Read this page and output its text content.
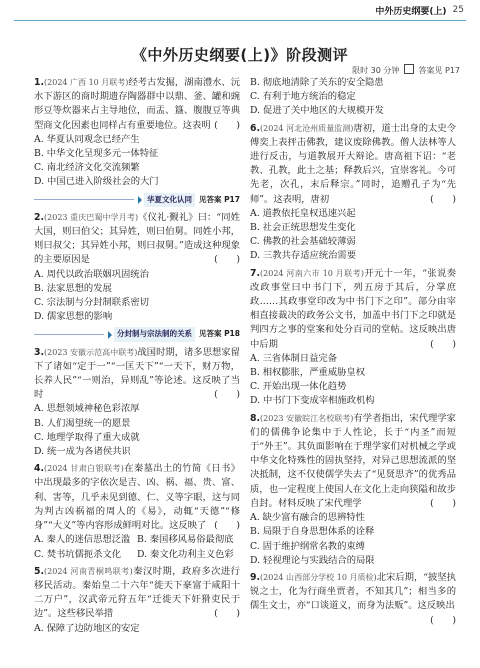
中外历史纲要(上) 25
《中外历史纲要(上)》阶段测评
限时 30 分钟 答案见 P17
1.(2024 广西 10 月联考)经考古发掘，湖南澧水、沅水下游区的商时期遗存陶器群中以鼎、釜、罐和豌形豆等炊器来占主导地位，而盂、簋、腹腹豆等典型商文化因素也同样占有重要地位。这表明 (　　)
A. 华夏认同观念已经产生
B. 中华文化呈现多元一体特征
C. 南北经济文化交流频繁
D. 中国已进入阶级社会的大门
华夏文化认同 见答案 P17
2.(2023 重庆巴蜀中学月考)《仪礼·觐礼》曰：“同姓大国，则曰伯父；其异姓，则曰伯舅。同姓小邦，则曰叔父；其异姓小邦，则曰叔舅。”造成这种现象的主要原因是	(　　)
A. 周代以政治联姻巩固统治
B. 法家思想的发展
C. 宗法制与分封制联系密切
D. 儒家思想的影响
分封制与宗法制的关系 见答案 P18
3.(2023 安徽示范高中联考)战国时期，诸多思想家留下了诸如“定于一”“一匡天下”“一天下，财万物，长养人民”“一则治，异则乱”等论述。这反映了当时	(　　)
A. 思想领域神秘色彩浓厚
B. 人们渴望统一的愿景
C. 地理学取得了重大成就
D. 统一成为各诸侯共识
4.(2024 甘肃白银联考)在秦墓出土的竹简《日书》中出现最多的字依次是吉、凶、祸、福、贵、富、利、害等，几乎未见到德、仁、义等字眼，这与同为判古凶祸福的周人的《易》，动辄“天德”“修身”“大义”等内容形成鲜明对比。这反映了 (　　)
A. 秦人的迷信思想泛滥 B. 秦国移风易俗最彻底
C. 焚书坑儒扼杀文化	D. 秦文化功利主义色彩
5.(2024 河南青桐鸣联考)秦汉时期，政府多次进行移民活动。秦始皇二十六年“徙天下豪富于咸阳十二万户”，汉武帝元狩五年“迁徙天下奸猾吏民于边”。这些移民举措	(　　)
A. 保障了边防地区的安定
B. 彻底地清除了关东的安全隐患
C. 有利于地方统治的稳定
D. 促进了关中地区的大规模开发
6.(2024 河北沧州质量监测)唐初，道士出身的太史令傅奕上表抨击佛教，建议废除佛教。僧人法林等人进行反击，与道教展开大辩论。唐高祖下诏：“老教、孔教，此土之基；释教后兴，宜崇客礼。今可先老，次孔，末后释宗。”同时，追赠孔子为“先师”。这表明，唐初	(　　)
A. 道教依托皇权迅速兴起
B. 社会正统思想发生变化
C. 佛教的社会基础较薄弱
D. 三教共存适应统治需要
7.(2024 河南六市 10 月联考)开元十一年，“张说奏改政事堂曰中书门下，列五房于其后，分掌庶政……其政事堂印改为中书门下之印”。部分由宰相直接裁决的政务公文书，加盖中书门下之印就是判四方之事的堂案和处分百司的堂帖。这反映出唐中后期	(　　)
A. 三省体制日益完备
B. 相权膨胀，严重威胁皇权
C. 开始出现一体化趋势
D. 中书门下变成宰相施政机构
8.(2023 安徽皖江名校联考)有学者指出，宋代理学家们的儒佛争论集中于人性论，长于“内圣”而短于“外王”。其负面影响在于理学家们对机械之学或中华文化特殊性的固执坚持，对异己思想流派的坚决抵制，这不仅使儒学失去了“见贤思齐”的优秀品质，也一定程度上使国人在文化上走向狭隘和故步自封。材料反映了宋代理学	(　　)
A. 缺少富有融合的思辨特性
B. 局限于自身思想体系的诠释
C. 固于维护纲常名教的束缚
D. 轻视理论与实践结合的局限
9.(2024 山西部分学校 10 月质检)北宋后期，“披坚执锐之士，化为行商坐贾者，不知其几”；相当多的儒生文士，亦“口谈道义，而身为法贩”。这反映出
(　　)
